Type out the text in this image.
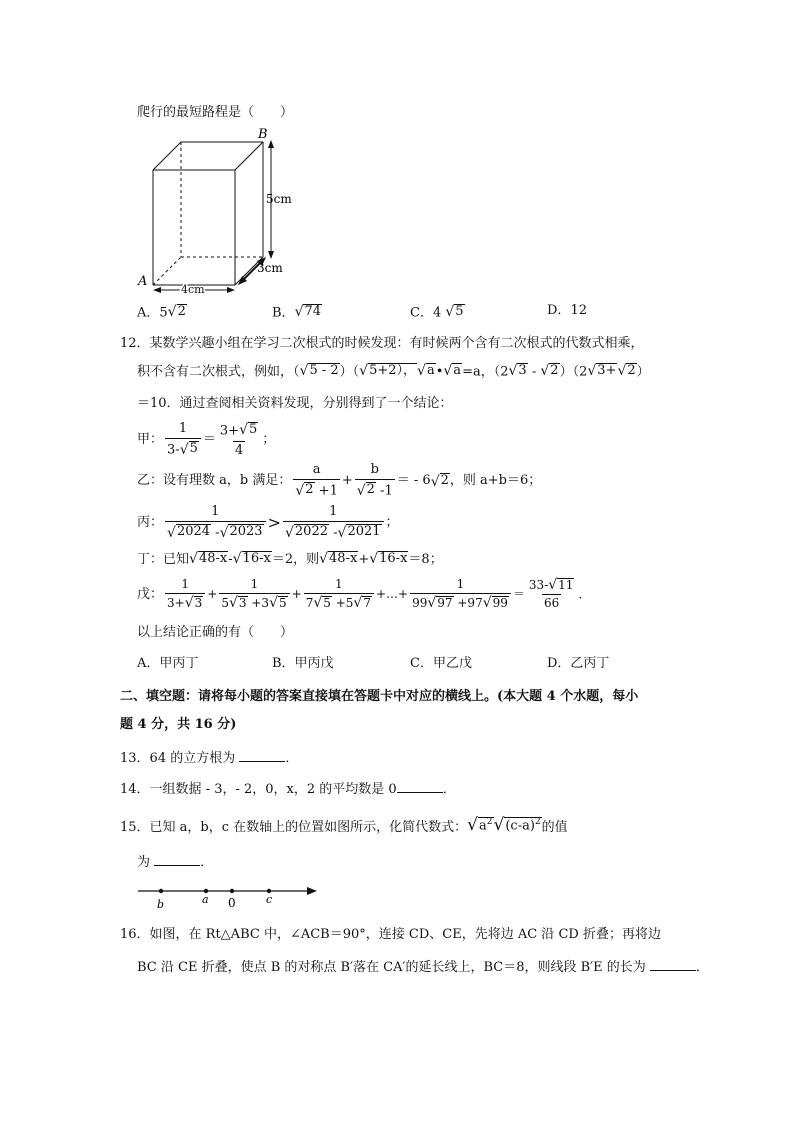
爬行的最短路程是（　　）
B
A
5cm
4cm
3cm
A．5 √ 2	B． √ 74	C．4 √ 5	D．12
12．某数学兴趣小组在学习二次根式的时候发现：有时候两个含有二次根式的代数式相乘，
积不含有二次根式，例如，（ √ 5 - 2 ）（ √ 5+2）， √ a • √ a =a，（2 √ 3 - √ 2 ）（2 √ 3+ √ 2 ）
＝10．通过查阅相关资料发现，分别得到了一个结论：
甲： $\frac{1}{3- √ 5} = \frac{3+ √ 5}{4}$ ；
乙：设有理数 a，b 满足： $\frac{a}{√ 2 +1} + \frac{b}{√ 2 -1}$ ＝ - 6 √ 2 ，则 a+b＝6；
丙： $\frac{1}{√ 2024 - √ 2023} > \frac{1}{√ 2022 - √ 2021}$ ；
丁：已知 √ 48-x - √ 16-x ＝2，则 √ 48-x + √ 16-x ＝8；
戊： $\frac{1}{3+ √ 3} + \frac{1}{5 √ 3 +3 √ 5} + \frac{1}{7 √ 5 +5 √ 7}$ +…+ $\frac{1}{99 √ 97 +97 √ 99} = \frac{33- √ 11}{66}$ ．
以上结论正确的有（　　）
A．甲丙丁	B．甲丙戊	C．甲乙戊	D．乙丙丁
二、填空题：请将每小题的答案直接填在答题卡中对应的横线上。(本大题 4 个水题，每小
题 4 分，共 16 分)
13．64 的立方根为	．
14．一组数据 - 3，- 2，0，x，2 的平均数是 0	．
15．已知 a，b，c 在数轴上的位置如图所示，化简代数式： √ $a^2$ √ $(c-a)^2$ 的值
为	．
b	a 0	c
16．如图，在 Rt△ABC 中，∠ACB＝90°，连接 CD、CE，先将边 AC 沿 CD 折叠；再将边
BC 沿 CE 折叠，使点 B 的对称点 B′落在 CA′的延长线上，BC＝8，则线段 B′E 的长为	．
